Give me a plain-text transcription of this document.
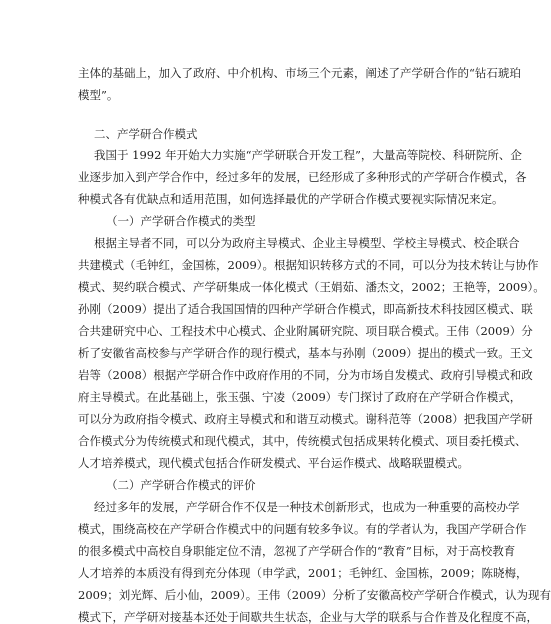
主体的基础上，加入了政府、中介机构、市场三个元素，阐述了产学研合作的“钻石琥珀
模型”。
二、产学研合作模式
我国于 1992 年开始大力实施“产学研联合开发工程”，大量高等院校、科研院所、企
业逐步加入到产学合作中，经过多年的发展，已经形成了多种形式的产学研合作模式，各
种模式各有优缺点和适用范围，如何选择最优的产学研合作模式要视实际情况来定。
（一）产学研合作模式的类型
根据主导者不同，可以分为政府主导模式、企业主导模型、学校主导模式、校企联合
共建模式（毛钟红，金国栋，2009）。根据知识转移方式的不同，可以分为技术转让与协作
模式、契约联合模式、产学研集成一体化模式（王娟茹、潘杰文，2002；王艳等，2009）。
孙刚（2009）提出了适合我国国情的四种产学研合作模式，即高新技术科技园区模式、联
合共建研究中心、工程技术中心模式、企业附属研究院、项目联合模式。王伟（2009）分
析了安徽省高校参与产学研合作的现行模式，基本与孙刚（2009）提出的模式一致。王文
岩等（2008）根据产学研合作中政府作用的不同，分为市场自发模式、政府引导模式和政
府主导模式。在此基础上，张玉强、宁凌（2009）专门探讨了政府在产学研合作模式，
可以分为政府指令模式、政府主导模式和和谐互动模式。谢科范等（2008）把我国产学研
合作模式分为传统模式和现代模式，其中，传统模式包括成果转化模式、项目委托模式、
人才培养模式，现代模式包括合作研发模式、平台运作模式、战略联盟模式。
（二）产学研合作模式的评价
经过多年的发展，产学研合作不仅是一种技术创新形式，也成为一种重要的高校办学
模式，围绕高校在产学研合作模式中的问题有较多争议。有的学者认为，我国产学研合作
的很多模式中高校自身职能定位不清，忽视了产学研合作的“教育”目标，对于高校教育
人才培养的本质没有得到充分体现（申学武，2001；毛钟红、金国栋，2009；陈晓梅，
2009；刘光辉、后小仙，2009）。王伟（2009）分析了安徽高校产学研合作模式，认为现有
模式下，产学研对接基本还处于间歇共生状态，企业与大学的联系与合作普及化程度不高，
